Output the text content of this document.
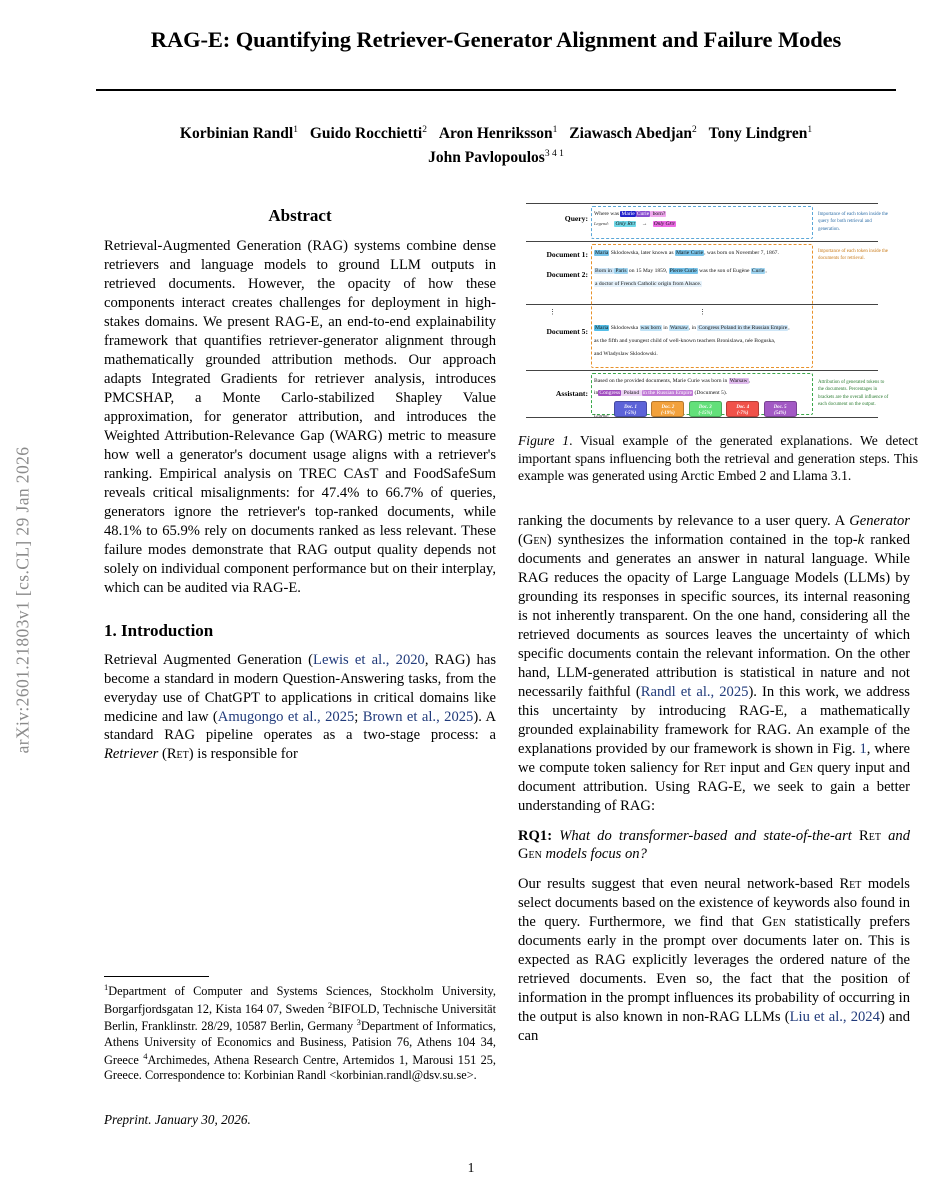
arXiv:2601.21803v1 [cs.CL] 29 Jan 2026
RAG-E: Quantifying Retriever-Generator Alignment and Failure Modes
Korbinian Randl$^1$ Guido Rocchietti$^2$ Aron Henriksson$^1$ Ziawasch Abedjan$^2$ Tony Lindgren$^1$
John Pavlopoulos$^{3 4 1}$
Abstract

Retrieval-Augmented Generation (RAG) systems combine dense retrievers and language models to ground LLM outputs in retrieved documents. However, the opacity of how these components interact creates challenges for deployment in high-stakes domains. We present RAG-E, an end-to-end explainability framework that quantifies retriever-generator alignment through mathematically grounded attribution methods. Our approach adapts Integrated Gradients for retriever analysis, introduces PMCSHAP, a Monte Carlo-stabilized Shapley Value approximation, for generator attribution, and introduces the Weighted Attribution-Relevance Gap (WARG) metric to measure how well a generator's document usage aligns with a retriever's ranking. Empirical analysis on TREC CAsT and FoodSafeSum reveals critical misalignments: for 47.4% to 66.7% of queries, generators ignore the retriever's top-ranked documents, while 48.1% to 65.9% rely on documents ranked as less relevant. These failure modes demonstrate that RAG output quality depends not solely on individual component performance but on their interplay, which can be audited via RAG-E.

1. Introduction

Retrieval Augmented Generation (Lewis et al., 2020, RAG) has become a standard in modern Question-Answering tasks, from the everyday use of ChatGPT to applications in critical domains like medicine and law (Amugongo et al., 2025; Brown et al., 2025). A standard RAG pipeline operates as a two-stage process: a Retriever (Ret) is responsible for

$^1$Department of Computer and Systems Sciences, Stockholm University, Borgarfjordsgatan 12, Kista 164 07, Sweden $^2$BIFOLD, Technische Universität Berlin, Franklinstr. 28/29, 10587 Berlin, Germany $^3$Department of Informatics, Athens University of Economics and Business, Patision 76, Athens 104 34, Greece $^4$Archimedes, Athena Research Centre, Artemidos 1, Marousi 151 25, Greece. Correspondence to: Korbinian Randl <korbinian.randl@dsv.su.se>.
Preprint. January 30, 2026.
Query: Where was Marie Curie born?
Legend: Only Ret → Only Gen
Importance of each token inside the query for both retrieval and generation.
Document 1: Maria Sklodowska, later known as Marie Curie, was born on November 7, 1867.	Importance of each token inside the documents for retrieval.
Document 2: Born in Paris on 15 May 1859, Pierre Curie was the son of Eugène Curie,
a doctor of French Catholic origin from Alsace.
⋮	⋮
Document 5: Maria Sklodowska was born in Warsaw, in Congress Poland in the Russian Empire,
as the fifth and youngest child of well-known teachers Bronislawa, née Boguska,
and Wladyslaw Sklodowski.
Assistant:
Based on the provided documents, Marie Curie was born in Warsaw,
inCongress Poland in the Russian Empire (Document 5).
Legend:
Doc. 1
(-5%) Doc. 2
(-19%) Doc. 3
(-15%) Doc. 4
(-7%) Doc. 5
(54%)
Attribution of generated tokens to the documents. Percentages in brackets are the overall influence of each document on the output.
Figure 1. Visual example of the generated explanations. We detect important spans influencing both the retrieval and generation steps. This example was generated using Arctic Embed 2 and Llama 3.1.

ranking the documents by relevance to a user query. A Generator (Gen) synthesizes the information contained in the top-k ranked documents and generates an answer in natural language. While RAG reduces the opacity of Large Language Models (LLMs) by grounding its responses in specific sources, its internal reasoning is not inherently transparent. On the one hand, considering all the retrieved documents as sources leaves the uncertainty of which specific documents contain the relevant information. On the other hand, LLM-generated attribution is statistical in nature and not necessarily faithful (Randl et al., 2025). In this work, we address this uncertainty by introducing RAG-E, a mathematically grounded explainability framework for RAG. An example of the explanations provided by our framework is shown in Fig. 1, where we compute token saliency for Ret input and Gen query input and document attribution. Using RAG-E, we seek to gain a better understanding of RAG:

RQ1: What do transformer-based and state-of-the-art Ret and Gen models focus on?

Our results suggest that even neural network-based Ret models select documents based on the existence of keywords also found in the query. Furthermore, we find that Gen statistically prefers documents early in the prompt over documents later on. This is expected as RAG explicitly leverages the ordered nature of the retrieved documents. Even so, the fact that the position of information in the prompt influences its probability of occurring in the output is also known in non-RAG LLMs (Liu et al., 2024) and can

1
